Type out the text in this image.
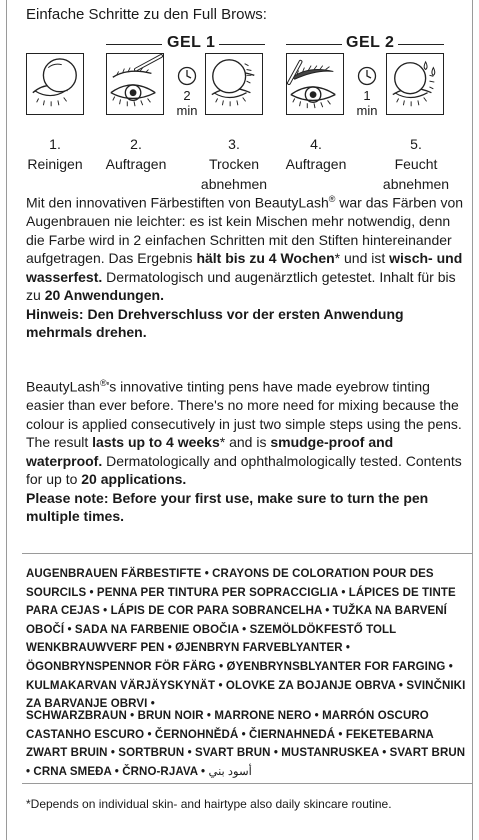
Einfache Schritte zu den Full Brows:
GEL 1	GEL 2
2
min
1
min
1.
Reinigen
2.
Auftragen
3.
Trocken
abnehmen
4.
Auftragen
5.
Feucht
abnehmen
Mit den innovativen Färbestiften von BeautyLash® war das Färben von Augenbrauen nie leichter: es ist kein Mischen mehr notwendig, denn die Farbe wird in 2 einfachen Schritten mit den Stiften hintereinander aufgetragen. Das Ergebnis hält bis zu 4 Wochen* und ist wisch- und wasserfest. Dermatologisch und augenärztlich getestet. Inhalt für bis zu 20 Anwendungen.
Hinweis: Den Drehverschluss vor der ersten Anwendung mehrmals drehen.
BeautyLash®'s innovative tinting pens have made eyebrow tinting easier than ever before. There's no more need for mixing because the colour is applied consecutively in just two simple steps using the pens. The result lasts up to 4 weeks* and is smudge-proof and waterproof. Dermatologically and ophthalmologically tested. Contents for up to 20 applications.
Please note: Before your first use, make sure to turn the pen multiple times.
AUGENBRAUEN FÄRBESTIFTE • CRAYONS DE COLORATION POUR DES SOURCILS • PENNA PER TINTURA PER SOPRACCIGLIA • LÁPICES DE TINTE PARA CEJAS • LÁPIS DE COR PARA SOBRANCELHA • TUŽKA NA BARVENÍ OBOČÍ • SADA NA FARBENIE OBOČIA • SZEMÖLDÖKFESTŐ TOLL WENKBRAUWVERF PEN • ØJENBRYN FARVEBLYANTER • ÖGONBRYNSPENNOR FÖR FÄRG • ØYENBRYNSBLYANTER FOR FARGING • KULMAKARVAN VÄRJÄYSKYNÄT • OLOVKE ZA BOJANJE OBRVA • SVINČNIKI ZA BARVANJE OBRVI •
SCHWARZBRAUN • BRUN NOIR • MARRONE NERO • MARRÓN OSCURO CASTANHO ESCURO • ČERNOHNĚDÁ • ČIERNAHNEDÁ • FEKETEBARNA ZWART BRUIN • SORTBRUN • SVART BRUN • MUSTANRUSKEA • SVART BRUN • CRNA SMEĐA • ČRNO-RJAVA • أسود بني
*Depends on individual skin- and hairtype also daily skincare routine.
